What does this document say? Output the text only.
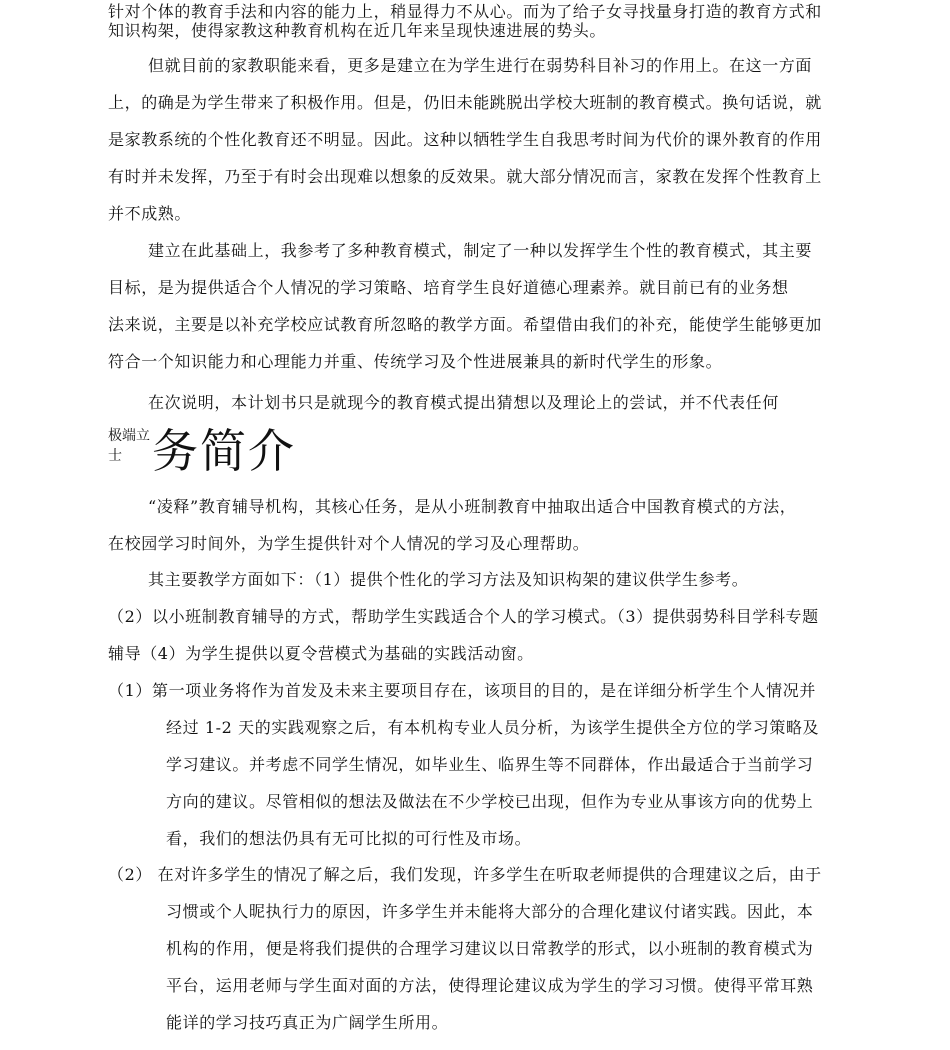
针对个体的教育手法和内容的能力上，稍显得力不从心。而为了给子女寻找量身打造的教育方式和
知识构架，使得家教这种教育机构在近几年来呈现快速进展的势头。
但就目前的家教职能来看，更多是建立在为学生进行在弱势科目补习的作用上。在这一方面
上，的确是为学生带来了积极作用。但是，仍旧未能跳脱出学校大班制的教育模式。换句话说，就
是家教系统的个性化教育还不明显。因此。这种以牺牲学生自我思考时间为代价的课外教育的作用
有时并未发挥，乃至于有时会出现难以想象的反效果。就大部分情况而言，家教在发挥个性教育上
并不成熟。
建立在此基础上，我参考了多种教育模式，制定了一种以发挥学生个性的教育模式，其主要
目标，是为提供适合个人情况的学习策略、培育学生良好道德心理素养。就目前已有的业务想
法来说，主要是以补充学校应试教育所忽略的教学方面。希望借由我们的补充，能使学生能够更加
符合一个知识能力和心理能力并重、传统学习及个性进展兼具的新时代学生的形象。
在次说明，本计划书只是就现今的教育模式提出猜想以及理论上的尝试，并不代表任何
极端立
士 务简介
“凌释”教育辅导机构，其核心任务，是从小班制教育中抽取出适合中国教育模式的方法，
在校园学习时间外，为学生提供针对个人情况的学习及心理帮助。
其主要教学方面如下：（1）提供个性化的学习方法及知识构架的建议供学生参考。
（2）以小班制教育辅导的方式，帮助学生实践适合个人的学习模式。（3）提供弱势科目学科专题
辅导（4）为学生提供以夏令营模式为基础的实践活动窗。
（1）第一项业务将作为首发及未来主要项目存在，该项目的目的，是在详细分析学生个人情况并
经过 1-2 天的实践观察之后，有本机构专业人员分析，为该学生提供全方位的学习策略及
学习建议。并考虑不同学生情况，如毕业生、临界生等不同群体，作出最适合于当前学习
方向的建议。尽管相似的想法及做法在不少学校已出现，但作为专业从事该方向的优势上
看，我们的想法仍具有无可比拟的可行性及市场。
（2） 在对许多学生的情况了解之后，我们发现，许多学生在听取老师提供的合理建议之后，由于
习惯或个人昵执行力的原因，许多学生并未能将大部分的合理化建议付诸实践。因此，本
机构的作用，便是将我们提供的合理学习建议以日常教学的形式，以小班制的教育模式为
平台，运用老师与学生面对面的方法，使得理论建议成为学生的学习习惯。使得平常耳熟
能详的学习技巧真正为广阔学生所用。
